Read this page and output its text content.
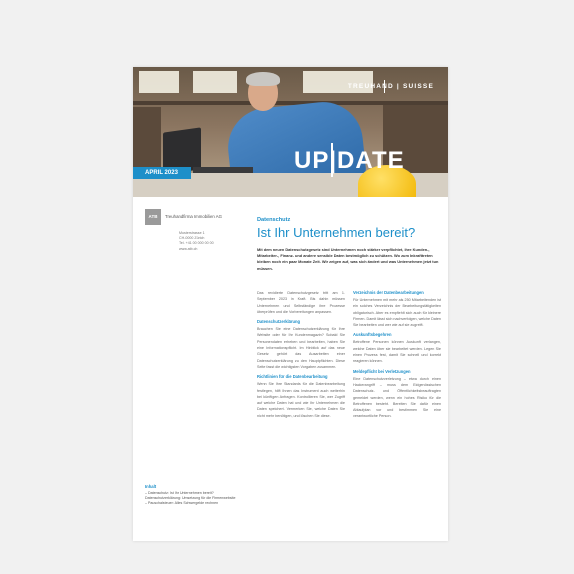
TREUHAND | SUISSE
UP|DATE
APRIL 2023
ATB	Treuhandfirma Immobilien AG
Musterstrasse 1
CH-0000 Zürich
Tel. +41 00 000 00 00
www.atb.ch
Inhalt
– Datenschutz: Ist Ihr Unternehmen bereit?
Datenschutzerklärung: Umsetzung für die Firmenwebsite
– Pauschalsteuer: Alles Schwergelde rechnen
Datenschutz
Ist Ihr Unternehmen bereit?
Mit dem neuen Datenschutzgesetz sind Unternehmen noch stärker verpflichtet, ihre Kunden-, Mitarbeiter-, Finanz- und andere sensible Daten bestmöglich zu schützen. Wo zum Inkrafttreten bleiben noch ein paar Monate Zeit. Wir zeigen auf, was sich ändert und was Unternehmen jetzt tun müssen.

Das revidierte Datenschutzgesetz tritt am 1. September 2023 in Kraft. Bis dahin müssen Unternehmen und Selbständige ihre Prozesse überprüfen und die Vorbereitungen anpassen.

Datenschutzerklärung

Brauchen Sie eine Datenschutzerklärung für Ihre Website oder für Ihr Kundenmagazin? Sobald Sie Personendaten erheben und bearbeiten, haben Sie eine Informationspflicht. Im Hinblick auf das neue Gesetz gehört das Ausarbeiten einer Datenschutzerklärung zu den Hauptpflichten. Diese Seite fasst die wichtigsten Vorgaben zusammen.

Richtlinien für die Datenbearbeitung

Wenn Sie Ihre Standards für die Datenbearbeitung festlegen, hilft Ihnen das Instrument auch weiterhin bei künftigen Anfragen. Kontrollieren Sie, wer Zugriff auf welche Daten hat und wie Ihr Unternehmen die Daten speichert. Vermerken Sie, welche Daten Sie nicht mehr benötigen, und löschen Sie diese.

Verzeichnis der Datenbearbeitungen

Für Unternehmen mit mehr als 250 Mitarbeitenden ist ein solches Verzeichnis der Bearbeitungstätigkeiten obligatorisch. Aber es empfiehlt sich auch für kleinere Firmen. Damit lässt sich nachverfolgen, welche Daten Sie bearbeiten und wer wie auf sie zugreift.

Auskunftsbegehren

Betroffene Personen können Auskunft verlangen, welche Daten über sie bearbeitet werden. Legen Sie einen Prozess fest, damit Sie schnell und korrekt reagieren können.

Meldepflicht bei Verletzungen

Eine Datenschutzverletzung – etwa durch einen Hackerangriff – muss dem Eidgenössischen Datenschutz- und Öffentlichkeitsbeauftragten gemeldet werden, wenn ein hohes Risiko für die Betroffenen besteht. Bereiten Sie dafür einen Ablaufplan vor und bestimmen Sie eine verantwortliche Person.
